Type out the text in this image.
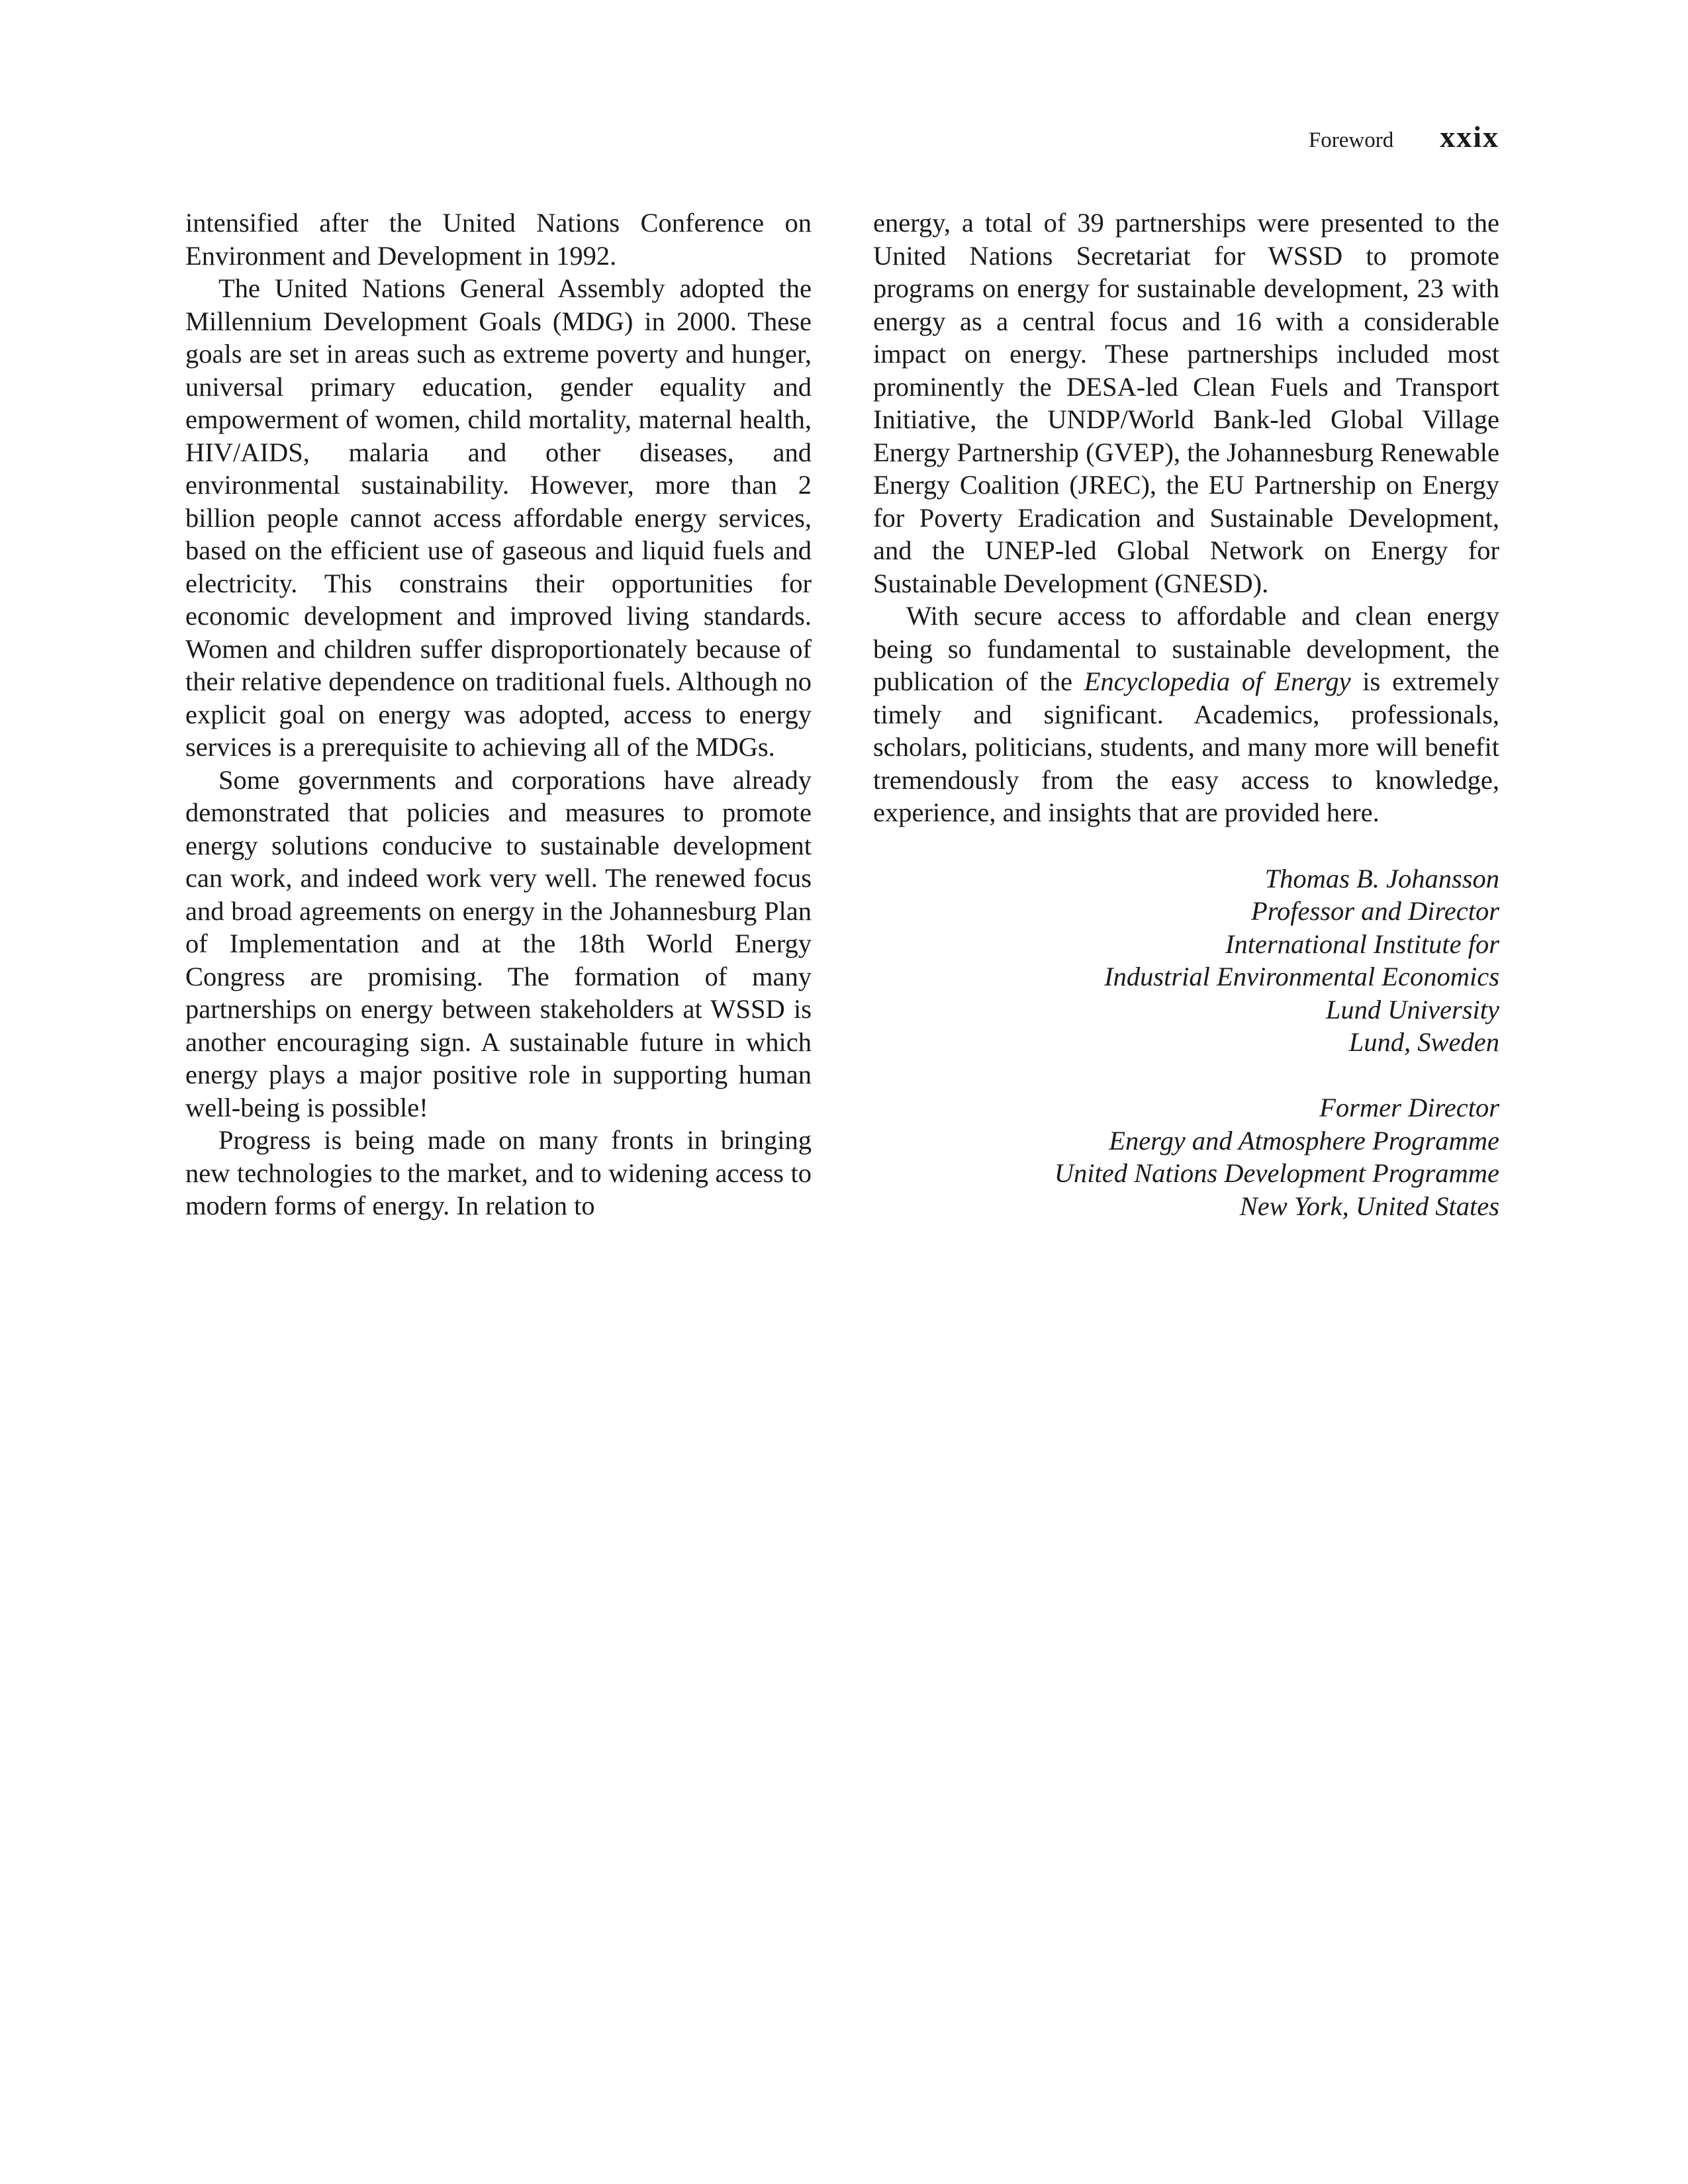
Foreword xxix

intensified after the United Nations Conference on Environment and Development in 1992.

The United Nations General Assembly adopted the Millennium Development Goals (MDG) in 2000. These goals are set in areas such as extreme poverty and hunger, universal primary education, gender equality and empowerment of women, child mortality, maternal health, HIV/AIDS, malaria and other diseases, and environmental sustainability. However, more than 2 billion people cannot access affordable energy services, based on the efficient use of gaseous and liquid fuels and electricity. This constrains their opportunities for economic development and improved living standards. Women and children suffer disproportionately because of their relative dependence on traditional fuels. Although no explicit goal on energy was adopted, access to energy services is a prerequisite to achieving all of the MDGs.

Some governments and corporations have already demonstrated that policies and measures to promote energy solutions conducive to sustainable development can work, and indeed work very well. The renewed focus and broad agreements on energy in the Johannesburg Plan of Implementation and at the 18th World Energy Congress are promising. The formation of many partnerships on energy between stakeholders at WSSD is another encouraging sign. A sustainable future in which energy plays a major positive role in supporting human well-being is possible!

Progress is being made on many fronts in bringing new technologies to the market, and to widening access to modern forms of energy. In relation to

energy, a total of 39 partnerships were presented to the United Nations Secretariat for WSSD to promote programs on energy for sustainable development, 23 with energy as a central focus and 16 with a considerable impact on energy. These partnerships included most prominently the DESA-led Clean Fuels and Transport Initiative, the UNDP/World Bank-led Global Village Energy Partnership (GVEP), the Johannesburg Renewable Energy Coalition (JREC), the EU Partnership on Energy for Poverty Eradication and Sustainable Development, and the UNEP-led Global Network on Energy for Sustainable Development (GNESD).

With secure access to affordable and clean energy being so fundamental to sustainable development, the publication of the Encyclopedia of Energy is extremely timely and significant. Academics, professionals, scholars, politicians, students, and many more will benefit tremendously from the easy access to knowledge, experience, and insights that are provided here.

Thomas B. Johansson
Professor and Director
International Institute for
Industrial Environmental Economics
Lund University
Lund, Sweden
Former Director
Energy and Atmosphere Programme
United Nations Development Programme
New York, United States
